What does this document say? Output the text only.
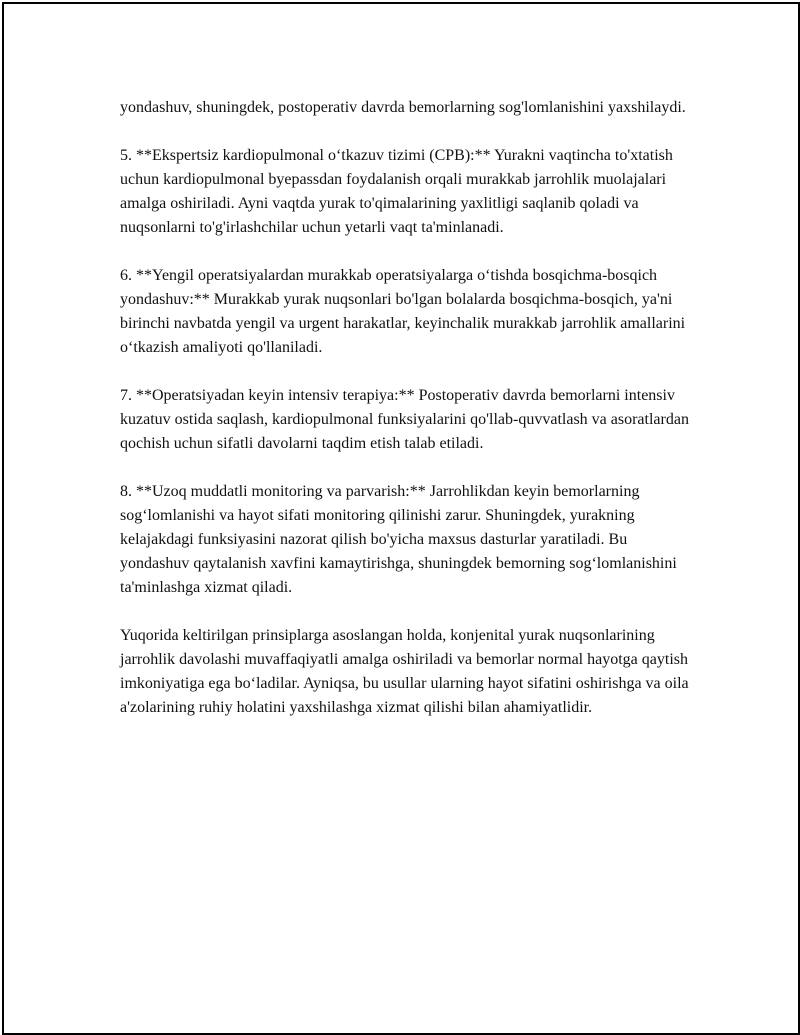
yondashuv, shuningdek, postoperativ davrda bemorlarning sog'lomlanishini yaxshilaydi.

5. **Ekspertsiz kardiopulmonal o‘tkazuv tizimi (CPB):** Yurakni vaqtincha to'xtatish uchun kardiopulmonal byepassdan foydalanish orqali murakkab jarrohlik muolajalari amalga oshiriladi. Ayni vaqtda yurak to'qimalarining yaxlitligi saqlanib qoladi va nuqsonlarni to'g'irlashchilar uchun yetarli vaqt ta'minlanadi.

6. **Yengil operatsiyalardan murakkab operatsiyalarga o‘tishda bosqichma-bosqich yondashuv:** Murakkab yurak nuqsonlari bo'lgan bolalarda bosqichma-bosqich, ya'ni birinchi navbatda yengil va urgent harakatlar, keyinchalik murakkab jarrohlik amallarini o‘tkazish amaliyoti qo'llaniladi.

7. **Operatsiyadan keyin intensiv terapiya:** Postoperativ davrda bemorlarni intensiv kuzatuv ostida saqlash, kardiopulmonal funksiyalarini qo'llab-quvvatlash va asoratlardan qochish uchun sifatli davolarni taqdim etish talab etiladi.

8. **Uzoq muddatli monitoring va parvarish:** Jarrohlikdan keyin bemorlarning sog‘lomlanishi va hayot sifati monitoring qilinishi zarur. Shuningdek, yurakning kelajakdagi funksiyasini nazorat qilish bo'yicha maxsus dasturlar yaratiladi. Bu yondashuv qaytalanish xavfini kamaytirishga, shuningdek bemorning sog‘lomlanishini ta'minlashga xizmat qiladi.

Yuqorida keltirilgan prinsiplarga asoslangan holda, konjenital yurak nuqsonlarining jarrohlik davolashi muvaffaqiyatli amalga oshiriladi va bemorlar normal hayotga qaytish imkoniyatiga ega bo‘ladilar. Ayniqsa, bu usullar ularning hayot sifatini oshirishga va oila a'zolarining ruhiy holatini yaxshilashga xizmat qilishi bilan ahamiyatlidir.
